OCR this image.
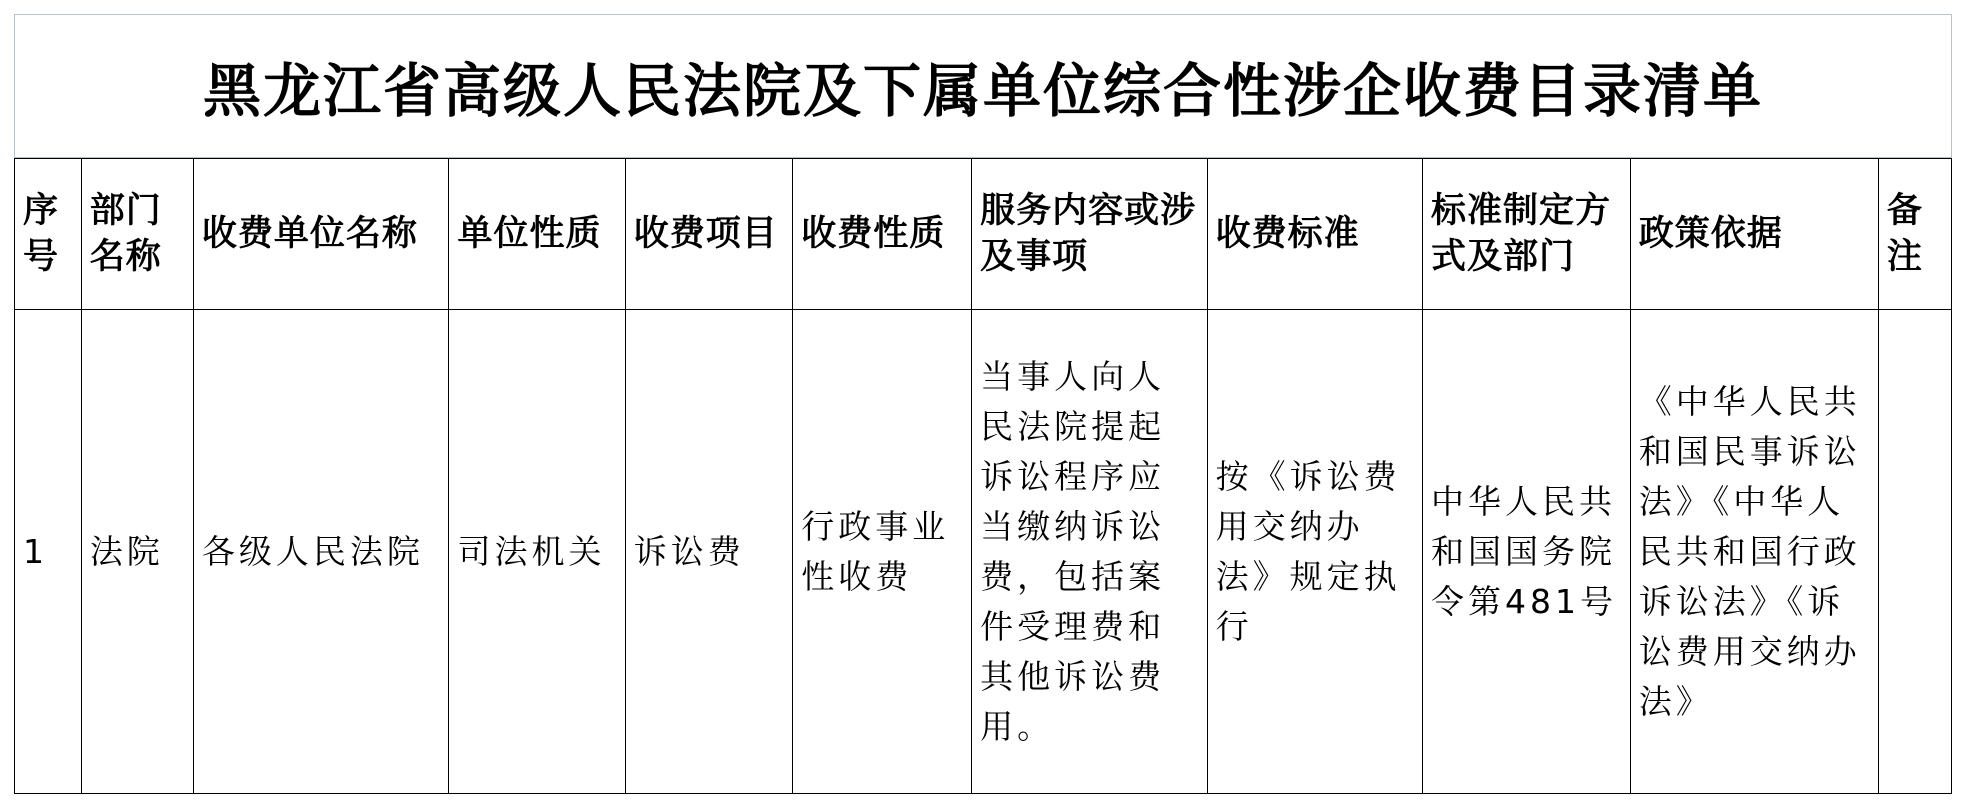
黑龙江省高级人民法院及下属单位综合性涉企收费目录清单
序号	部门名称	收费单位名称	单位性质	收费项目	收费性质	服务内容或涉及事项	收费标准	标准制定方式及部门	政策依据	备注

1	法院	各级人民法院	司法机关	诉讼费	行政事业性收费	当事人向人民法院提起诉讼程序应当缴纳诉讼费，包括案件受理费和其他诉讼费用。	按《诉讼费用交纳办法》规定执行	中华人民共和国国务院令第481号	《中华人民共和国民事诉讼法》《中华人民共和国行政诉讼法》《诉讼费用交纳办法》	
